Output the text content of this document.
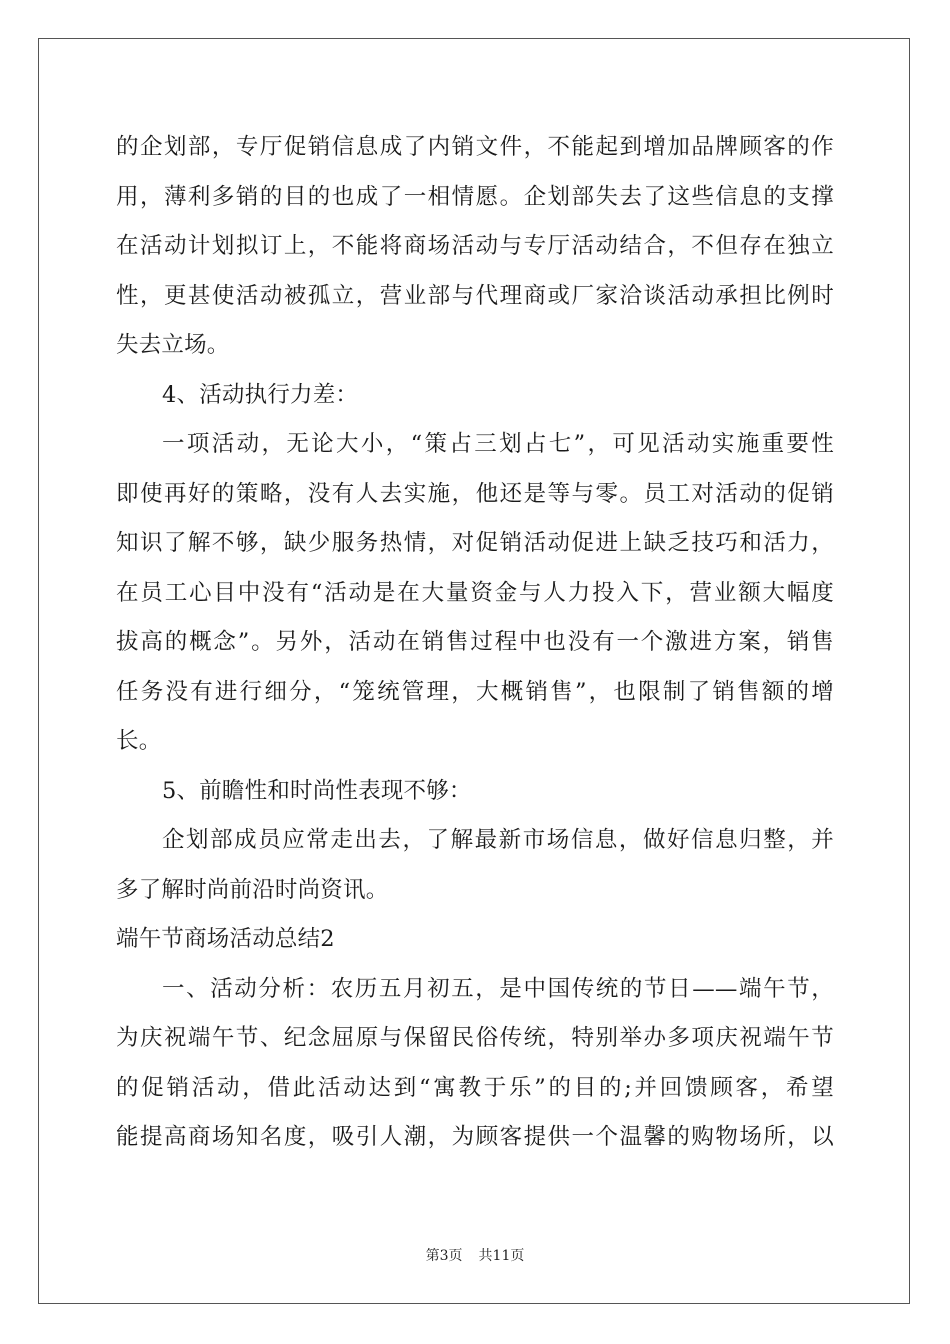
的企划部，专厅促销信息成了内销文件，不能起到增加品牌顾客的作
用，薄利多销的目的也成了一相情愿。企划部失去了这些信息的支撑
在活动计划拟订上，不能将商场活动与专厅活动结合，不但存在独立
性，更甚使活动被孤立，营业部与代理商或厂家洽谈活动承担比例时
失去立场。
4、活动执行力差：
一项活动，无论大小，“策占三划占七”，可见活动实施重要性
即使再好的策略，没有人去实施，他还是等与零。员工对活动的促销
知识了解不够，缺少服务热情，对促销活动促进上缺乏技巧和活力，
在员工心目中没有“活动是在大量资金与人力投入下，营业额大幅度
拔高的概念”。另外，活动在销售过程中也没有一个激进方案，销售
任务没有进行细分，“笼统管理，大概销售”，也限制了销售额的增
长。
5、前瞻性和时尚性表现不够：
企划部成员应常走出去，了解最新市场信息，做好信息归整，并
多了解时尚前沿时尚资讯。
端午节商场活动总结2
一、活动分析：农历五月初五，是中国传统的节日——端午节，
为庆祝端午节、纪念屈原与保留民俗传统，特别举办多项庆祝端午节
的促销活动，借此活动达到“寓教于乐”的目的;并回馈顾客，希望
能提高商场知名度，吸引人潮，为顾客提供一个温馨的购物场所，以
第3页 共11页
